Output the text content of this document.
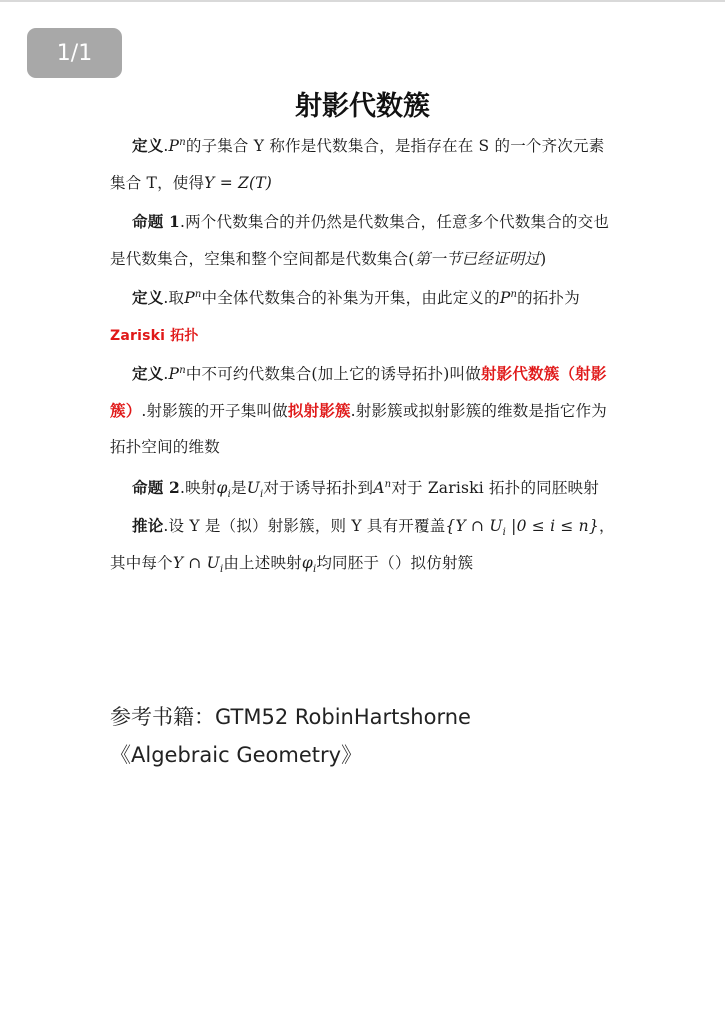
1/1
射影代数簇
定义$.P^n$的子集合 Y 称作是代数集合，是指存在在 S 的一个齐次元素集合 T，使得Y = Z(T)
命题 1.两个代数集合的并仍然是代数集合，任意多个代数集合的交也是代数集合，空集和整个空间都是代数集合(第一节已经证明过)
定义.取$P^n$中全体代数集合的补集为开集，由此定义的$P^n$的拓扑为Zariski 拓扑
定义$.P^n$中不可约代数集合(加上它的诱导拓扑)叫做射影代数簇（射影簇）.射影簇的开子集叫做拟射影簇.射影簇或拟射影簇的维数是指它作为拓扑空间的维数
命题 2.映射$\varphi_i$是$U_i$对于诱导拓扑到$A^n$对于 Zariski 拓扑的同胚映射
推论.设 Y 是（拟）射影簇，则 Y 具有开覆盖{Y ∩ $U_i$ |0 ≤ i ≤ n}，其中每个Y ∩ $U_i$由上述映射$\varphi_i$均同胚于（）拟仿射簇
参考书籍：GTM52 RobinHartshorne
《Algebraic Geometry》
